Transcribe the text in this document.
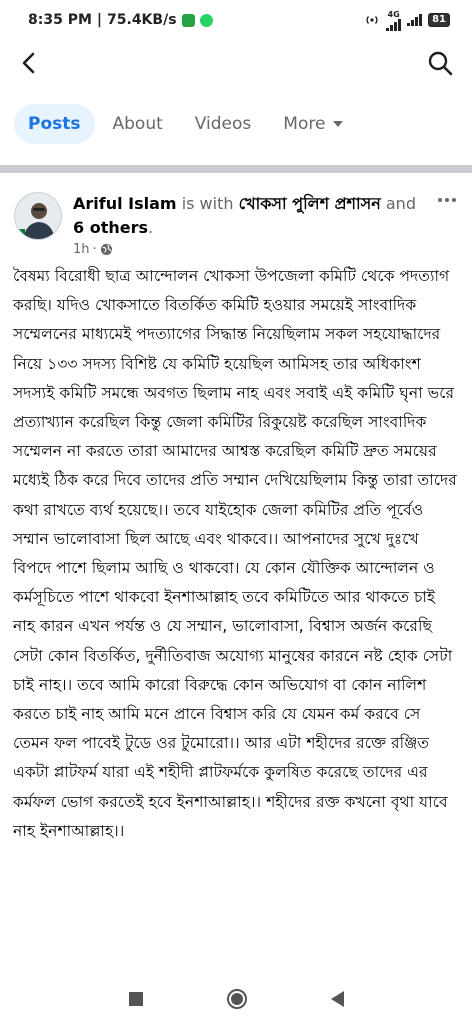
8:35 PM | 75.4KB/s	4G	81
Posts About Videos More
Ariful Islam is with খোকসা পুলিশ প্রশাসন and 6 others.
1h ·
বৈষম্য বিরোধী ছাত্র আন্দোলন খোকসা উপজেলা কমিটি থেকে পদত্যাগ করছি। যদিও খোকসাতে বিতর্কিত কমিটি হওয়ার সময়েই সাংবাদিক সম্মেলনের মাধ্যমেই পদত্যাগের সিদ্ধান্ত নিয়েছিলাম সকল সহযোদ্ধাদের নিয়ে ১৩৩ সদস্য বিশিষ্ট যে কমিটি হয়েছিল আমিসহ তার অধিকাংশ সদস্যই কমিটি সমন্ধে অবগত ছিলাম নাহ এবং সবাই এই কমিটি ঘৃনা ভরে প্রত্যাখ্যান করেছিল কিন্তু জেলা কমিটির রিকুয়েষ্ট করেছিল সাংবাদিক সম্মেলন না করতে তারা আমাদের আশ্বস্ত করেছিল কমিটি দ্রুত সময়ের মধ্যেই ঠিক করে দিবে তাদের প্রতি সম্মান দেখিয়েছিলাম কিন্তু তারা তাদের কথা রাখতে ব্যর্থ হয়েছে।। তবে যাইহোক জেলা কমিটির প্রতি পূর্বেও সম্মান ভালোবাসা ছিল আছে এবং থাকবে।। আপনাদের সুখে দুঃখে বিপদে পাশে ছিলাম আছি ও থাকবো। যে কোন যৌক্তিক আন্দোলন ও কর্মসূচিতে পাশে থাকবো ইনশাআল্লাহ তবে কমিটিতে আর থাকতে চাই নাহ কারন এখন পর্যন্ত ও যে সম্মান, ভালোবাসা, বিশ্বাস অর্জন করেছি সেটা কোন বিতর্কিত, দুর্নীতিবাজ অযোগ্য মানুষের কারনে নষ্ট হোক সেটা চাই নাহ।। তবে আমি কারো বিরুদ্ধে কোন অভিযোগ বা কোন নালিশ করতে চাই নাহ আমি মনে প্রানে বিশ্বাস করি যে যেমন কর্ম করবে সে তেমন ফল পাবেই টুডে ওর টুমোরো।। আর এটা শহীদের রক্তে রঞ্জিত একটা প্লাটফর্ম যারা এই শহীদী প্লাটফর্মকে কুলষিত করেছে তাদের এর কর্মফল ভোগ করতেই হবে ইনশাআল্লাহ।। শহীদের রক্ত কখনো বৃথা যাবে নাহ ইনশাআল্লাহ।।
